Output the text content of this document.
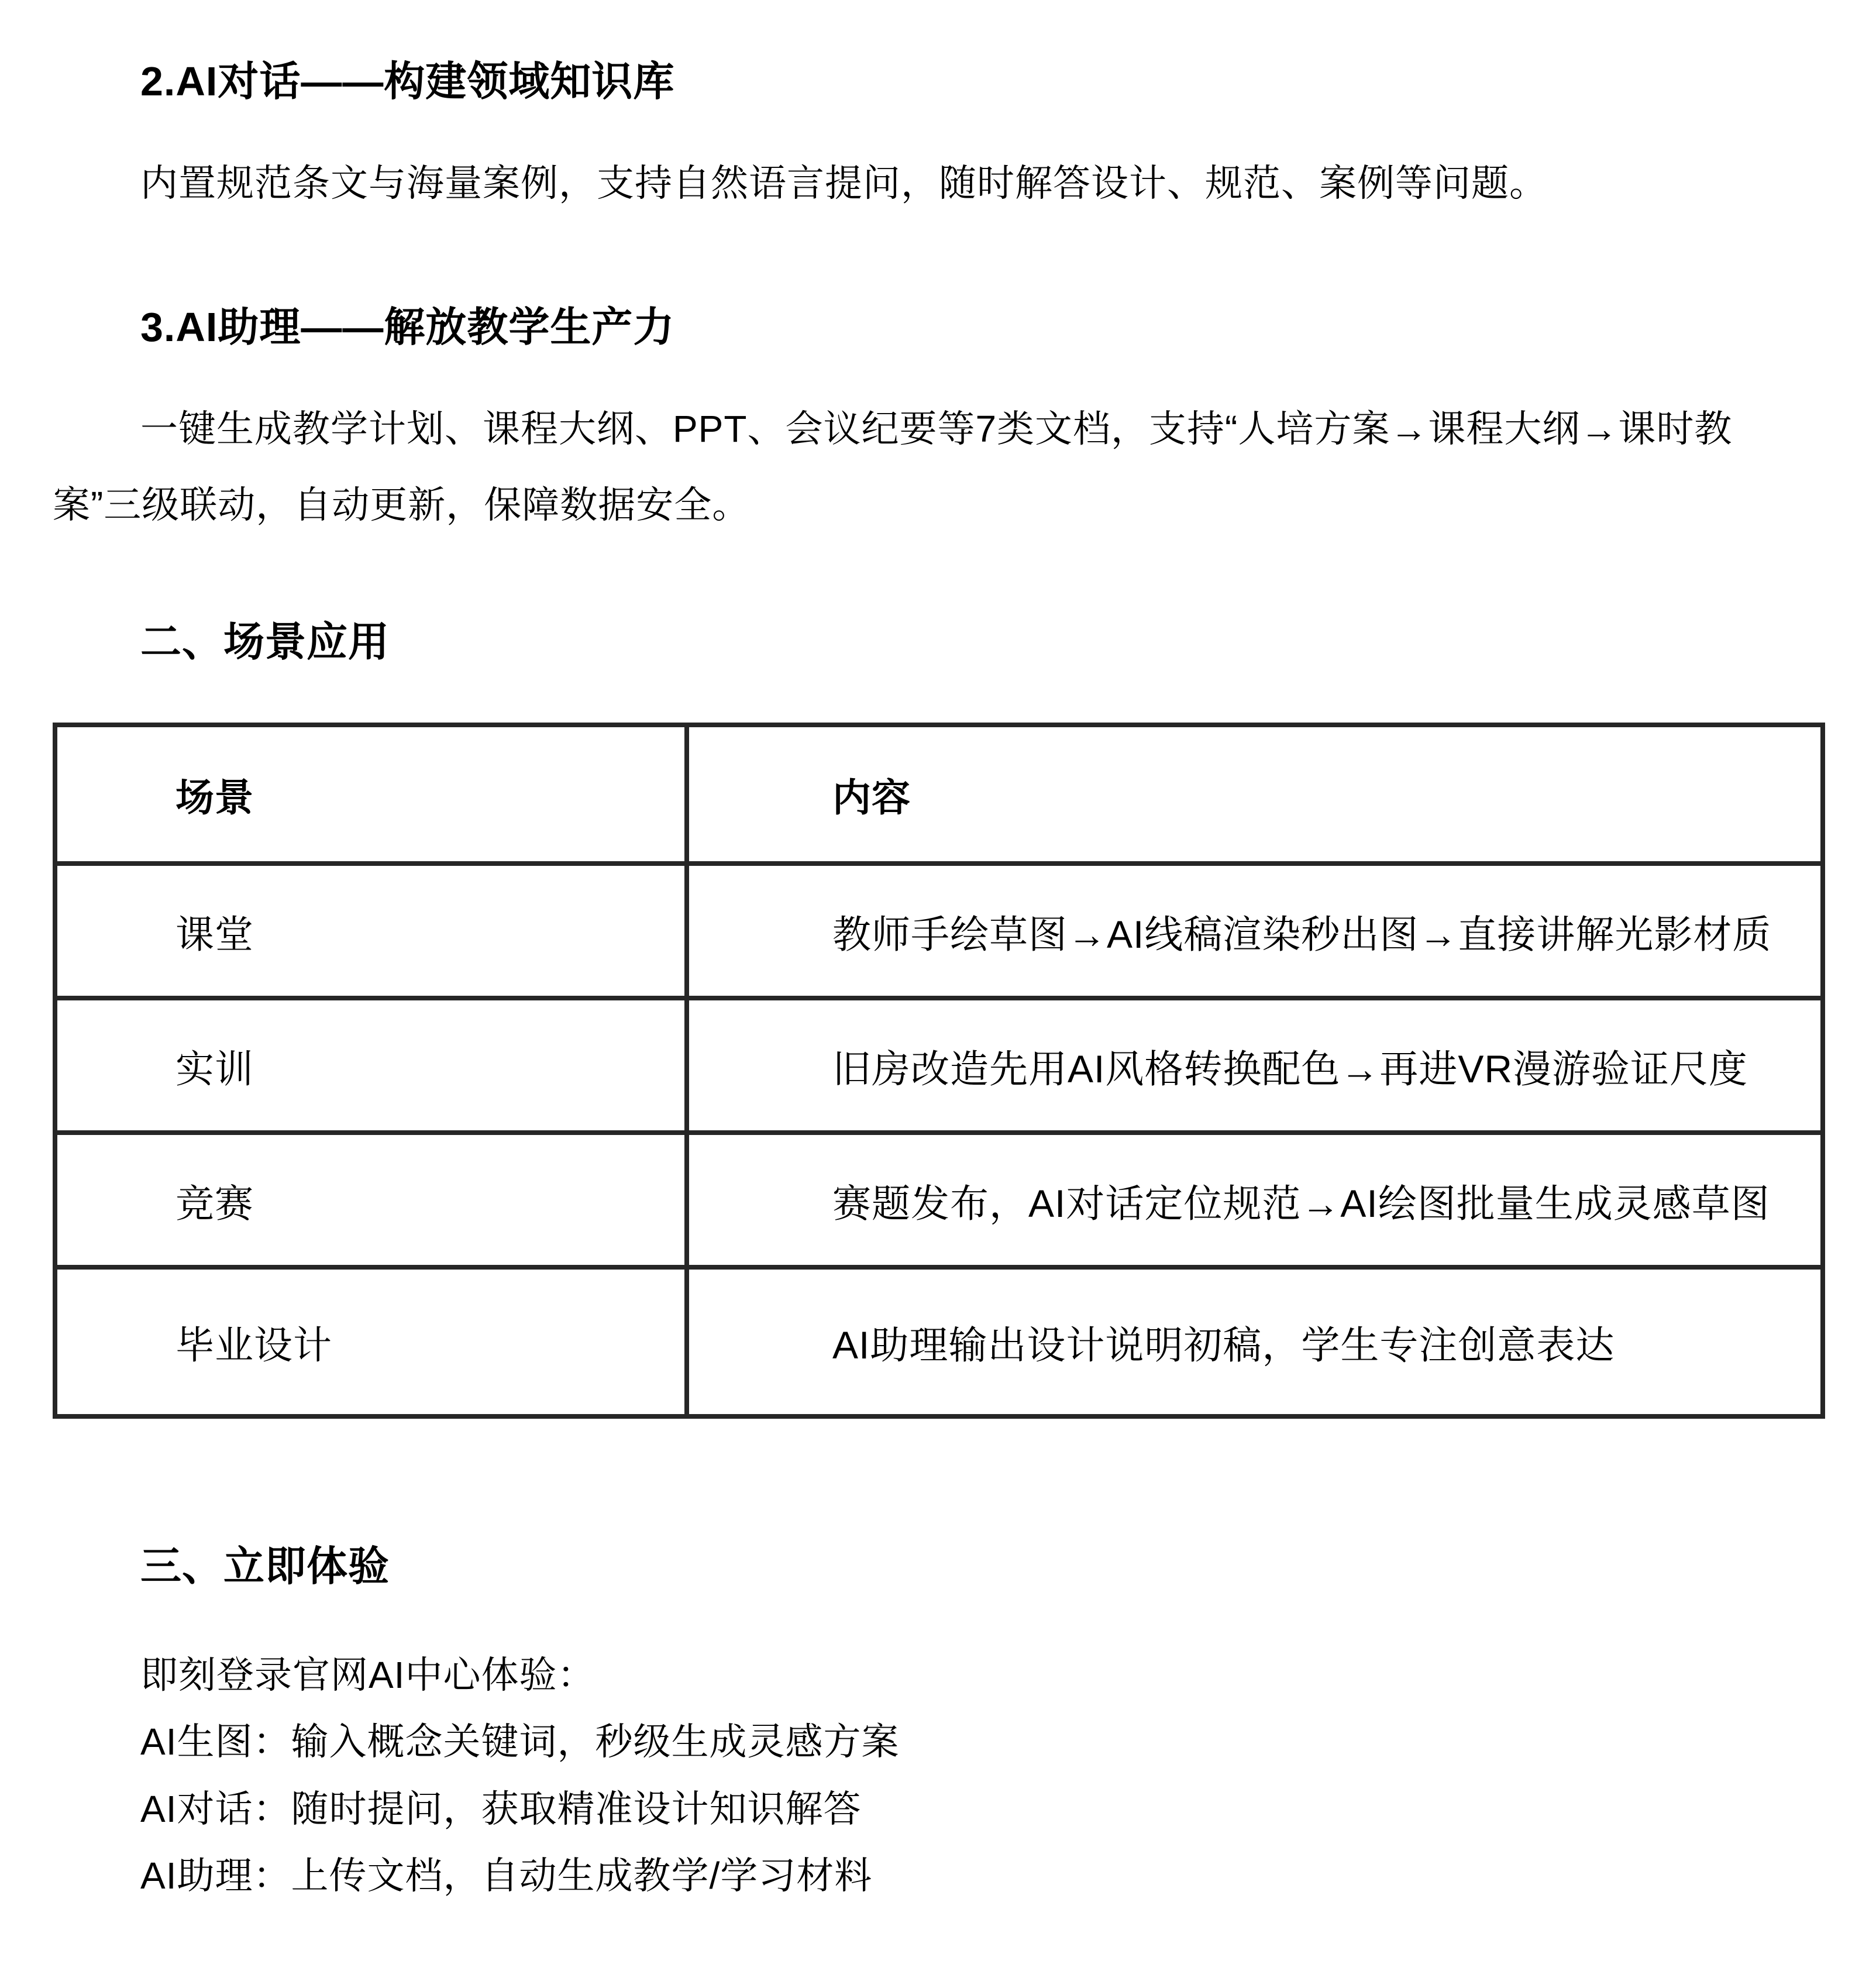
2.AI对话——构建领域知识库
内置规范条文与海量案例，支持自然语言提问，随时解答设计、规范、案例等问题。
3.AI助理——解放教学生产力
一键生成教学计划、课程大纲、PPT、会议纪要等7类文档，支持“人培方案→课程大纲→课时教
案”三级联动，自动更新，保障数据安全。
二、场景应用
场景	内容
课堂	教师手绘草图→AI线稿渲染秒出图→直接讲解光影材质
实训	旧房改造先用AI风格转换配色→再进VR漫游验证尺度
竞赛	赛题发布，AI对话定位规范→AI绘图批量生成灵感草图
毕业设计	AI助理输出设计说明初稿，学生专注创意表达
三、立即体验
即刻登录官网AI中心体验：
AI生图：输入概念关键词，秒级生成灵感方案
AI对话：随时提问，获取精准设计知识解答
AI助理：上传文档，自动生成教学/学习材料
